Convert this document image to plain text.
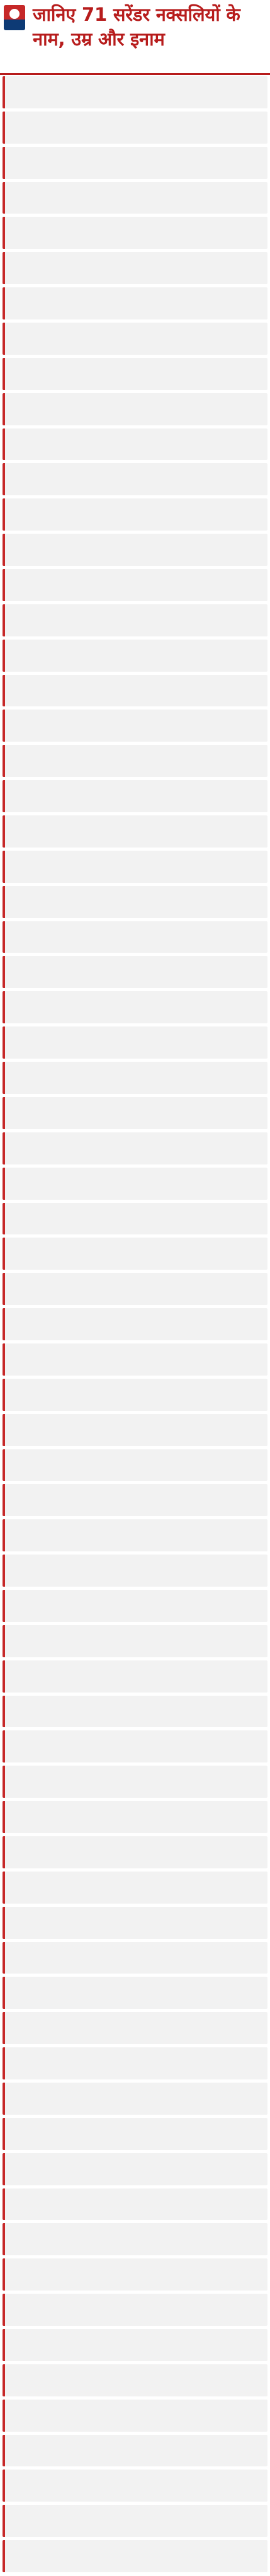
जानिए 71 सरेंडर नक्सलियों के नाम, उम्र और इनाम
